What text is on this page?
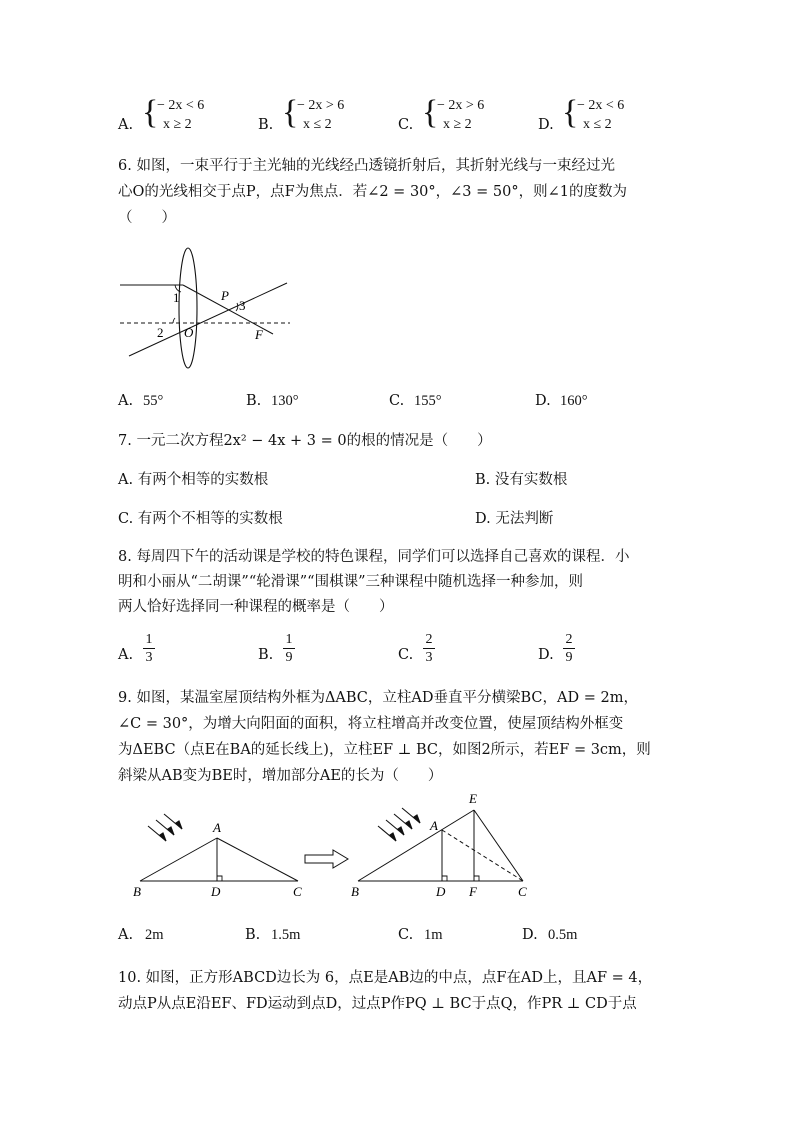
A. {
− 2x < 6
x ≥ 2	B. {
− 2x > 6
x ≤ 2	C. {
− 2x > 6
x ≥ 2	D. {
− 2x < 6
x ≤ 2
6. 如图，一束平行于主光轴的光线经凸透镜折射后，其折射光线与一束经过光
心O的光线相交于点P，点F为焦点．若∠2 = 30°，∠3 = 50°，则∠1的度数为
（　　）
1
2
P
3
O	F
A. 55°	B. 130°	C. 155°	D. 160°
7. 一元二次方程2x² − 4x + 3 = 0的根的情况是（　　）
A. 有两个相等的实数根	B. 没有实数根
C. 有两个不相等的实数根	D. 无法判断
8. 每周四下午的活动课是学校的特色课程，同学们可以选择自己喜欢的课程．小
明和小丽从“二胡课”“轮滑课”“围棋课”三种课程中随机选择一种参加，则
两人恰好选择同一种课程的概率是（　　）
A.
1
3	B.
1
9	C.
2
3	D.
2
9
9. 如图，某温室屋顶结构外框为ΔABC，立柱AD垂直平分横梁BC，AD = 2m，
∠C = 30°，为增大向阳面的面积，将立柱增高并改变位置，使屋顶结构外框变
为ΔEBC（点E在BA的延长线上)，立柱EF ⊥ BC，如图2所示，若EF = 3cm，则
斜梁从AB变为BE时，增加部分AE的长为（　　）
A
B	D	C
E
A
B	D F	C
A. 2m	B. 1.5m	C. 1m	D. 0.5m
10. 如图，正方形ABCD边长为 6，点E是AB边的中点，点F在AD上，且AF = 4，
动点P从点E沿EF、FD运动到点D，过点P作PQ ⊥ BC于点Q，作PR ⊥ CD于点
